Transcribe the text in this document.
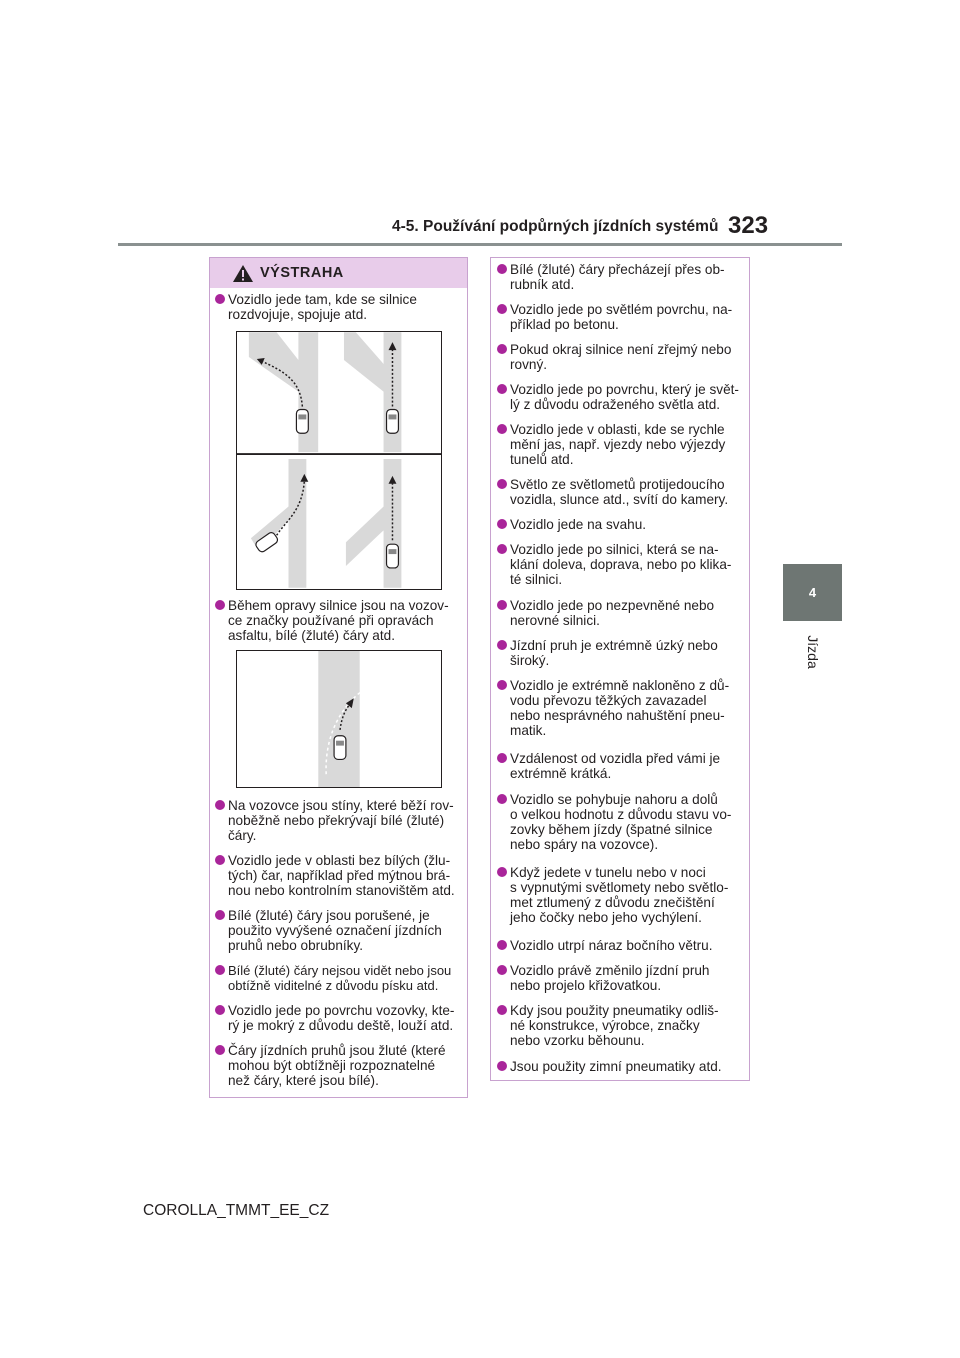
4-5. Používání podpůrných jízdních systémů 323
4
Jízda
VÝSTRAHA
Vozidlo jede tam, kde se silnice
rozdvojuje, spojuje atd.
Během opravy silnice jsou na vozov-
ce značky používané při opravách
asfaltu, bílé (žluté) čáry atd.
Na vozovce jsou stíny, které běží rov-
noběžně nebo překrývají bílé (žluté)
čáry.
Vozidlo jede v oblasti bez bílých (žlu-
tých) čar, například před mýtnou brá-
nou nebo kontrolním stanovištěm atd.
Bílé (žluté) čáry jsou porušené, je
použito vyvýšené označení jízdních
pruhů nebo obrubníky.
Bílé (žluté) čáry nejsou vidět nebo jsou
obtížně viditelné z důvodu písku atd.
Vozidlo jede po povrchu vozovky, kte-
rý je mokrý z důvodu deště, louží atd.
Čáry jízdních pruhů jsou žluté (které
mohou být obtížněji rozpoznatelné
než čáry, které jsou bílé).
Bílé (žluté) čáry přecházejí přes ob-
rubník atd.
Vozidlo jede po světlém povrchu, na-
příklad po betonu.
Pokud okraj silnice není zřejmý nebo
rovný.
Vozidlo jede po povrchu, který je svět-
lý z důvodu odraženého světla atd.
Vozidlo jede v oblasti, kde se rychle
mění jas, např. vjezdy nebo výjezdy
tunelů atd.
Světlo ze světlometů protijedoucího
vozidla, slunce atd., svítí do kamery.
Vozidlo jede na svahu.
Vozidlo jede po silnici, která se na-
klání doleva, doprava, nebo po klika-
té silnici.
Vozidlo jede po nezpevněné nebo
nerovné silnici.
Jízdní pruh je extrémně úzký nebo
široký.
Vozidlo je extrémně nakloněno z dů-
vodu převozu těžkých zavazadel
nebo nesprávného nahuštění pneu-
matik.
Vzdálenost od vozidla před vámi je
extrémně krátká.
Vozidlo se pohybuje nahoru a dolů
o velkou hodnotu z důvodu stavu vo-
zovky během jízdy (špatné silnice
nebo spáry na vozovce).
Když jedete v tunelu nebo v noci
s vypnutými světlomety nebo světlo-
met ztlumený z důvodu znečištění
jeho čočky nebo jeho vychýlení.
Vozidlo utrpí náraz bočního větru.
Vozidlo právě změnilo jízdní pruh
nebo projelo křižovatkou.
Kdy jsou použity pneumatiky odliš-
né konstrukce, výrobce, značky
nebo vzorku běhounu.
Jsou použity zimní pneumatiky atd.
COROLLA_TMMT_EE_CZ
